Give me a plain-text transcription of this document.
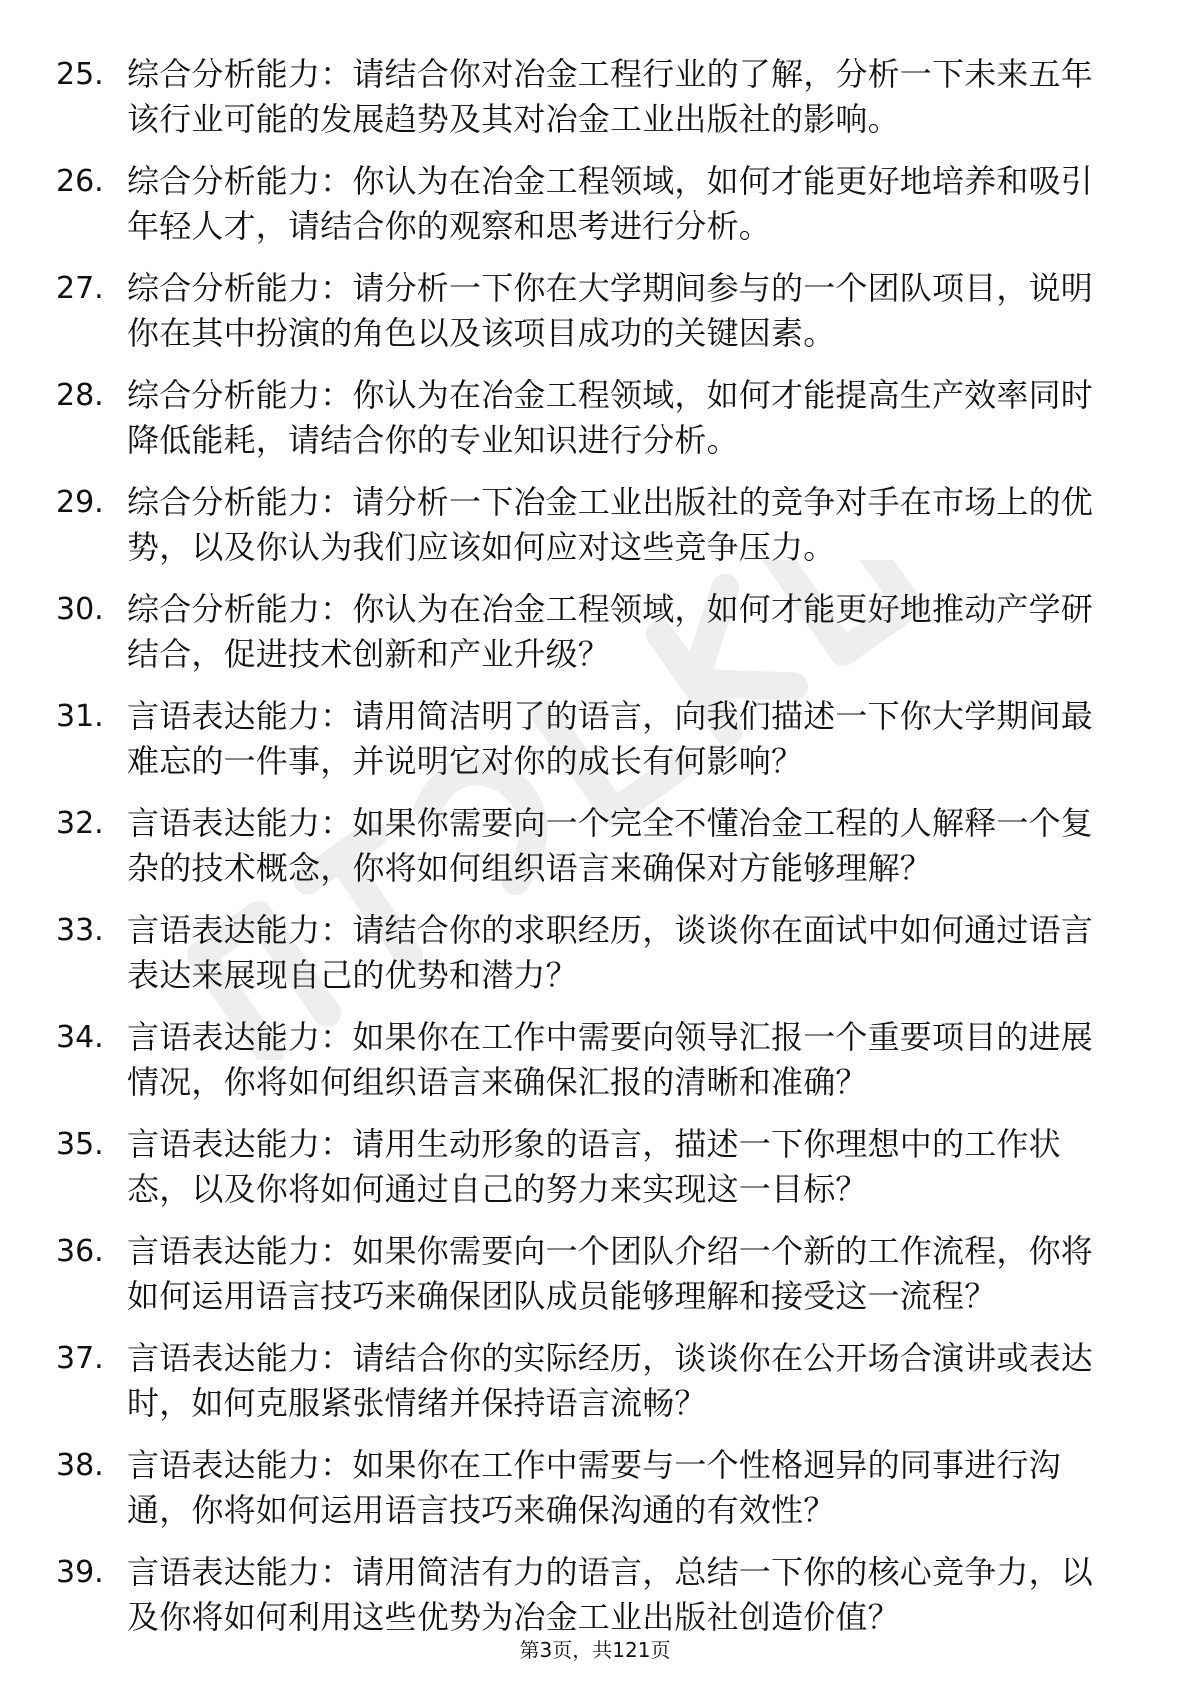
25. 综合分析能力：请结合你对冶金工程行业的了解，分析一下未来五年该行业可能的发展趋势及其对冶金工业出版社的影响。
26. 综合分析能力：你认为在冶金工程领域，如何才能更好地培养和吸引年轻人才，请结合你的观察和思考进行分析。
27. 综合分析能力：请分析一下你在大学期间参与的一个团队项目，说明你在其中扮演的角色以及该项目成功的关键因素。
28. 综合分析能力：你认为在冶金工程领域，如何才能提高生产效率同时降低能耗，请结合你的专业知识进行分析。
29. 综合分析能力：请分析一下冶金工业出版社的竞争对手在市场上的优势，以及你认为我们应该如何应对这些竞争压力。
30. 综合分析能力：你认为在冶金工程领域，如何才能更好地推动产学研结合，促进技术创新和产业升级？
31. 言语表达能力：请用简洁明了的语言，向我们描述一下你大学期间最难忘的一件事，并说明它对你的成长有何影响？
32. 言语表达能力：如果你需要向一个完全不懂冶金工程的人解释一个复杂的技术概念，你将如何组织语言来确保对方能够理解？
33. 言语表达能力：请结合你的求职经历，谈谈你在面试中如何通过语言表达来展现自己的优势和潜力？
34. 言语表达能力：如果你在工作中需要向领导汇报一个重要项目的进展情况，你将如何组织语言来确保汇报的清晰和准确？
35. 言语表达能力：请用生动形象的语言，描述一下你理想中的工作状态，以及你将如何通过自己的努力来实现这一目标？
36. 言语表达能力：如果你需要向一个团队介绍一个新的工作流程，你将如何运用语言技巧来确保团队成员能够理解和接受这一流程？
37. 言语表达能力：请结合你的实际经历，谈谈你在公开场合演讲或表达时，如何克服紧张情绪并保持语言流畅？
38. 言语表达能力：如果你在工作中需要与一个性格迥异的同事进行沟通，你将如何运用语言技巧来确保沟通的有效性？
39. 言语表达能力：请用简洁有力的语言，总结一下你的核心竞争力，以及你将如何利用这些优势为冶金工业出版社创造价值？
第3页，共121页
